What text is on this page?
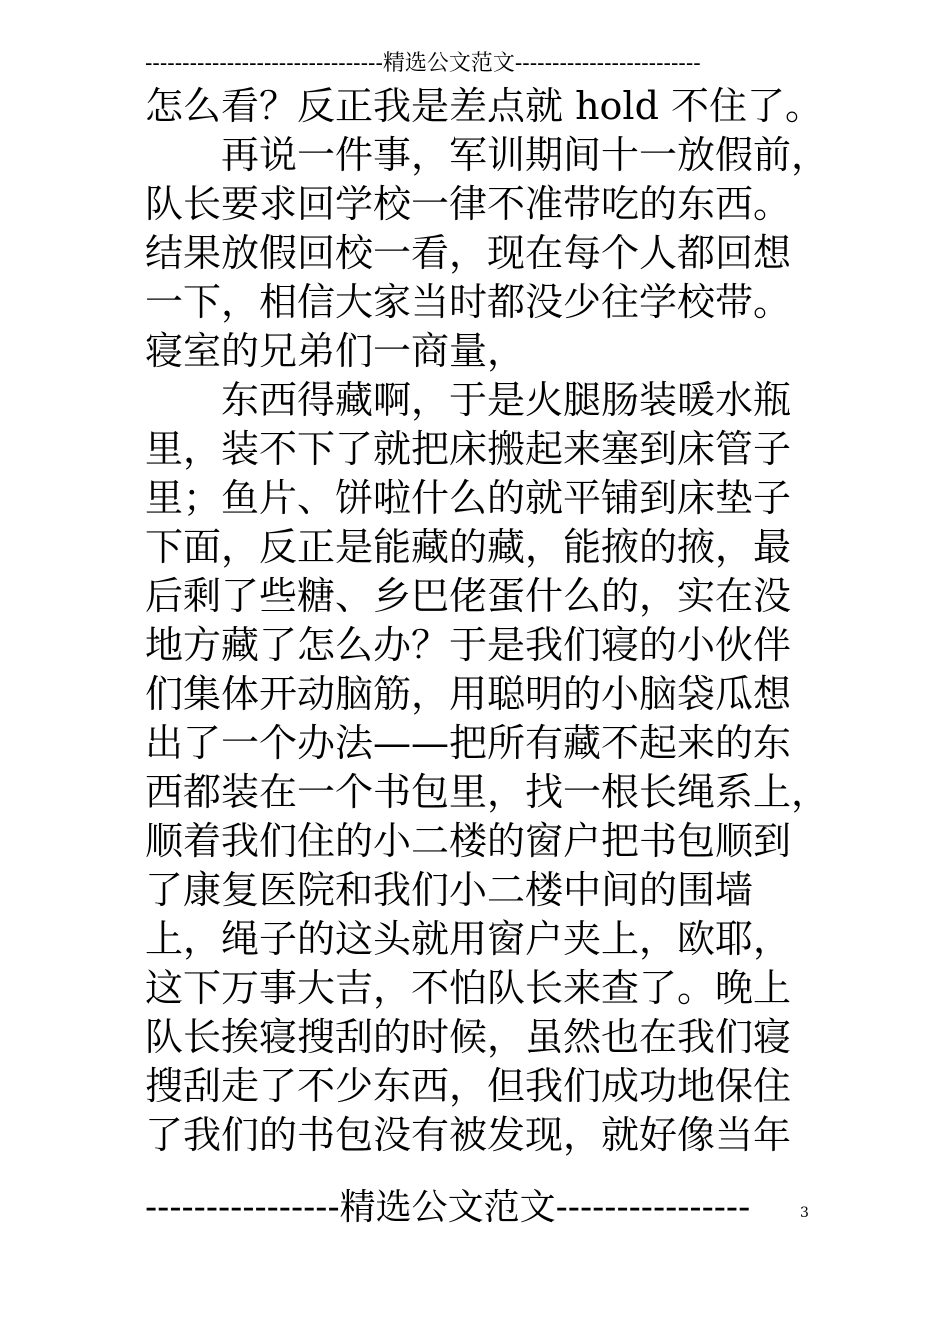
--------------------------------精选公文范文-------------------------
怎么看？反正我是差点就 hold 不住了。
　　再说一件事，军训期间十一放假前，
队长要求回学校一律不准带吃的东西。
结果放假回校一看，现在每个人都回想
一下，相信大家当时都没少往学校带。
寝室的兄弟们一商量，
　　东西得藏啊，于是火腿肠装暖水瓶
里，装不下了就把床搬起来塞到床管子
里；鱼片、饼啦什么的就平铺到床垫子
下面，反正是能藏的藏，能掖的掖，最
后剩了些糖、乡巴佬蛋什么的，实在没
地方藏了怎么办？于是我们寝的小伙伴
们集体开动脑筋，用聪明的小脑袋瓜想
出了一个办法——把所有藏不起来的东
西都装在一个书包里，找一根长绳系上，
顺着我们住的小二楼的窗户把书包顺到
了康复医院和我们小二楼中间的围墙
上，绳子的这头就用窗户夹上，欧耶，
这下万事大吉，不怕队长来查了。晚上
队长挨寝搜刮的时候，虽然也在我们寝
搜刮走了不少东西，但我们成功地保住
了我们的书包没有被发现，就好像当年
----------------精选公文范文----------------	3
